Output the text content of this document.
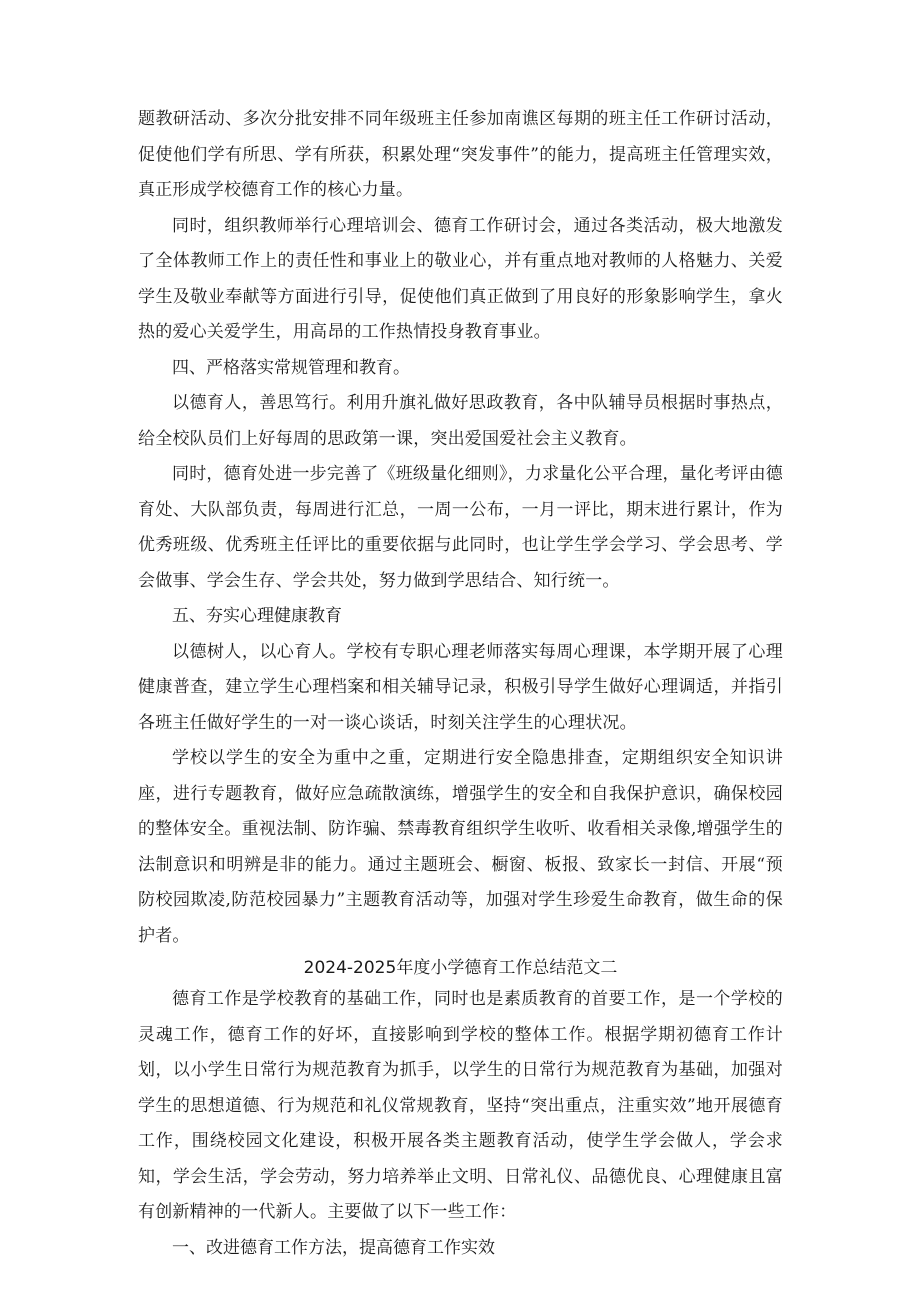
题教研活动、多次分批安排不同年级班主任参加南谯区每期的班主任工作研讨活动，促使他们学有所思、学有所获，积累处理“突发事件”的能力，提高班主任管理实效，真正形成学校德育工作的核心力量。

同时，组织教师举行心理培训会、德育工作研讨会，通过各类活动，极大地激发了全体教师工作上的责任性和事业上的敬业心，并有重点地对教师的人格魅力、关爱学生及敬业奉献等方面进行引导，促使他们真正做到了用良好的形象影响学生，拿火热的爱心关爱学生，用高昂的工作热情投身教育事业。

四、严格落实常规管理和教育。

以德育人，善思笃行。利用升旗礼做好思政教育，各中队辅导员根据时事热点，给全校队员们上好每周的思政第一课，突出爱国爱社会主义教育。

同时，德育处进一步完善了《班级量化细则》，力求量化公平合理，量化考评由德育处、大队部负责，每周进行汇总，一周一公布，一月一评比，期末进行累计，作为优秀班级、优秀班主任评比的重要依据与此同时，也让学生学会学习、学会思考、学会做事、学会生存、学会共处，努力做到学思结合、知行统一。

五、夯实心理健康教育

以德树人，以心育人。学校有专职心理老师落实每周心理课，本学期开展了心理健康普查，建立学生心理档案和相关辅导记录，积极引导学生做好心理调适，并指引各班主任做好学生的一对一谈心谈话，时刻关注学生的心理状况。

学校以学生的安全为重中之重，定期进行安全隐患排查，定期组织安全知识讲座，进行专题教育，做好应急疏散演练，增强学生的安全和自我保护意识，确保校园的整体安全。重视法制、防诈骗、禁毒教育组织学生收听、收看相关录像,增强学生的法制意识和明辨是非的能力。通过主题班会、橱窗、板报、致家长一封信、开展“预防校园欺凌,防范校园暴力”主题教育活动等，加强对学生珍爱生命教育，做生命的保护者。

2024-2025年度小学德育工作总结范文二

德育工作是学校教育的基础工作，同时也是素质教育的首要工作，是一个学校的灵魂工作，德育工作的好坏，直接影响到学校的整体工作。根据学期初德育工作计划，以小学生日常行为规范教育为抓手，以学生的日常行为规范教育为基础，加强对学生的思想道德、行为规范和礼仪常规教育，坚持“突出重点，注重实效”地开展德育工作，围绕校园文化建设，积极开展各类主题教育活动，使学生学会做人，学会求知，学会生活，学会劳动，努力培养举止文明、日常礼仪、品德优良、心理健康且富有创新精神的一代新人。主要做了以下一些工作：

一、改进德育工作方法，提高德育工作实效
